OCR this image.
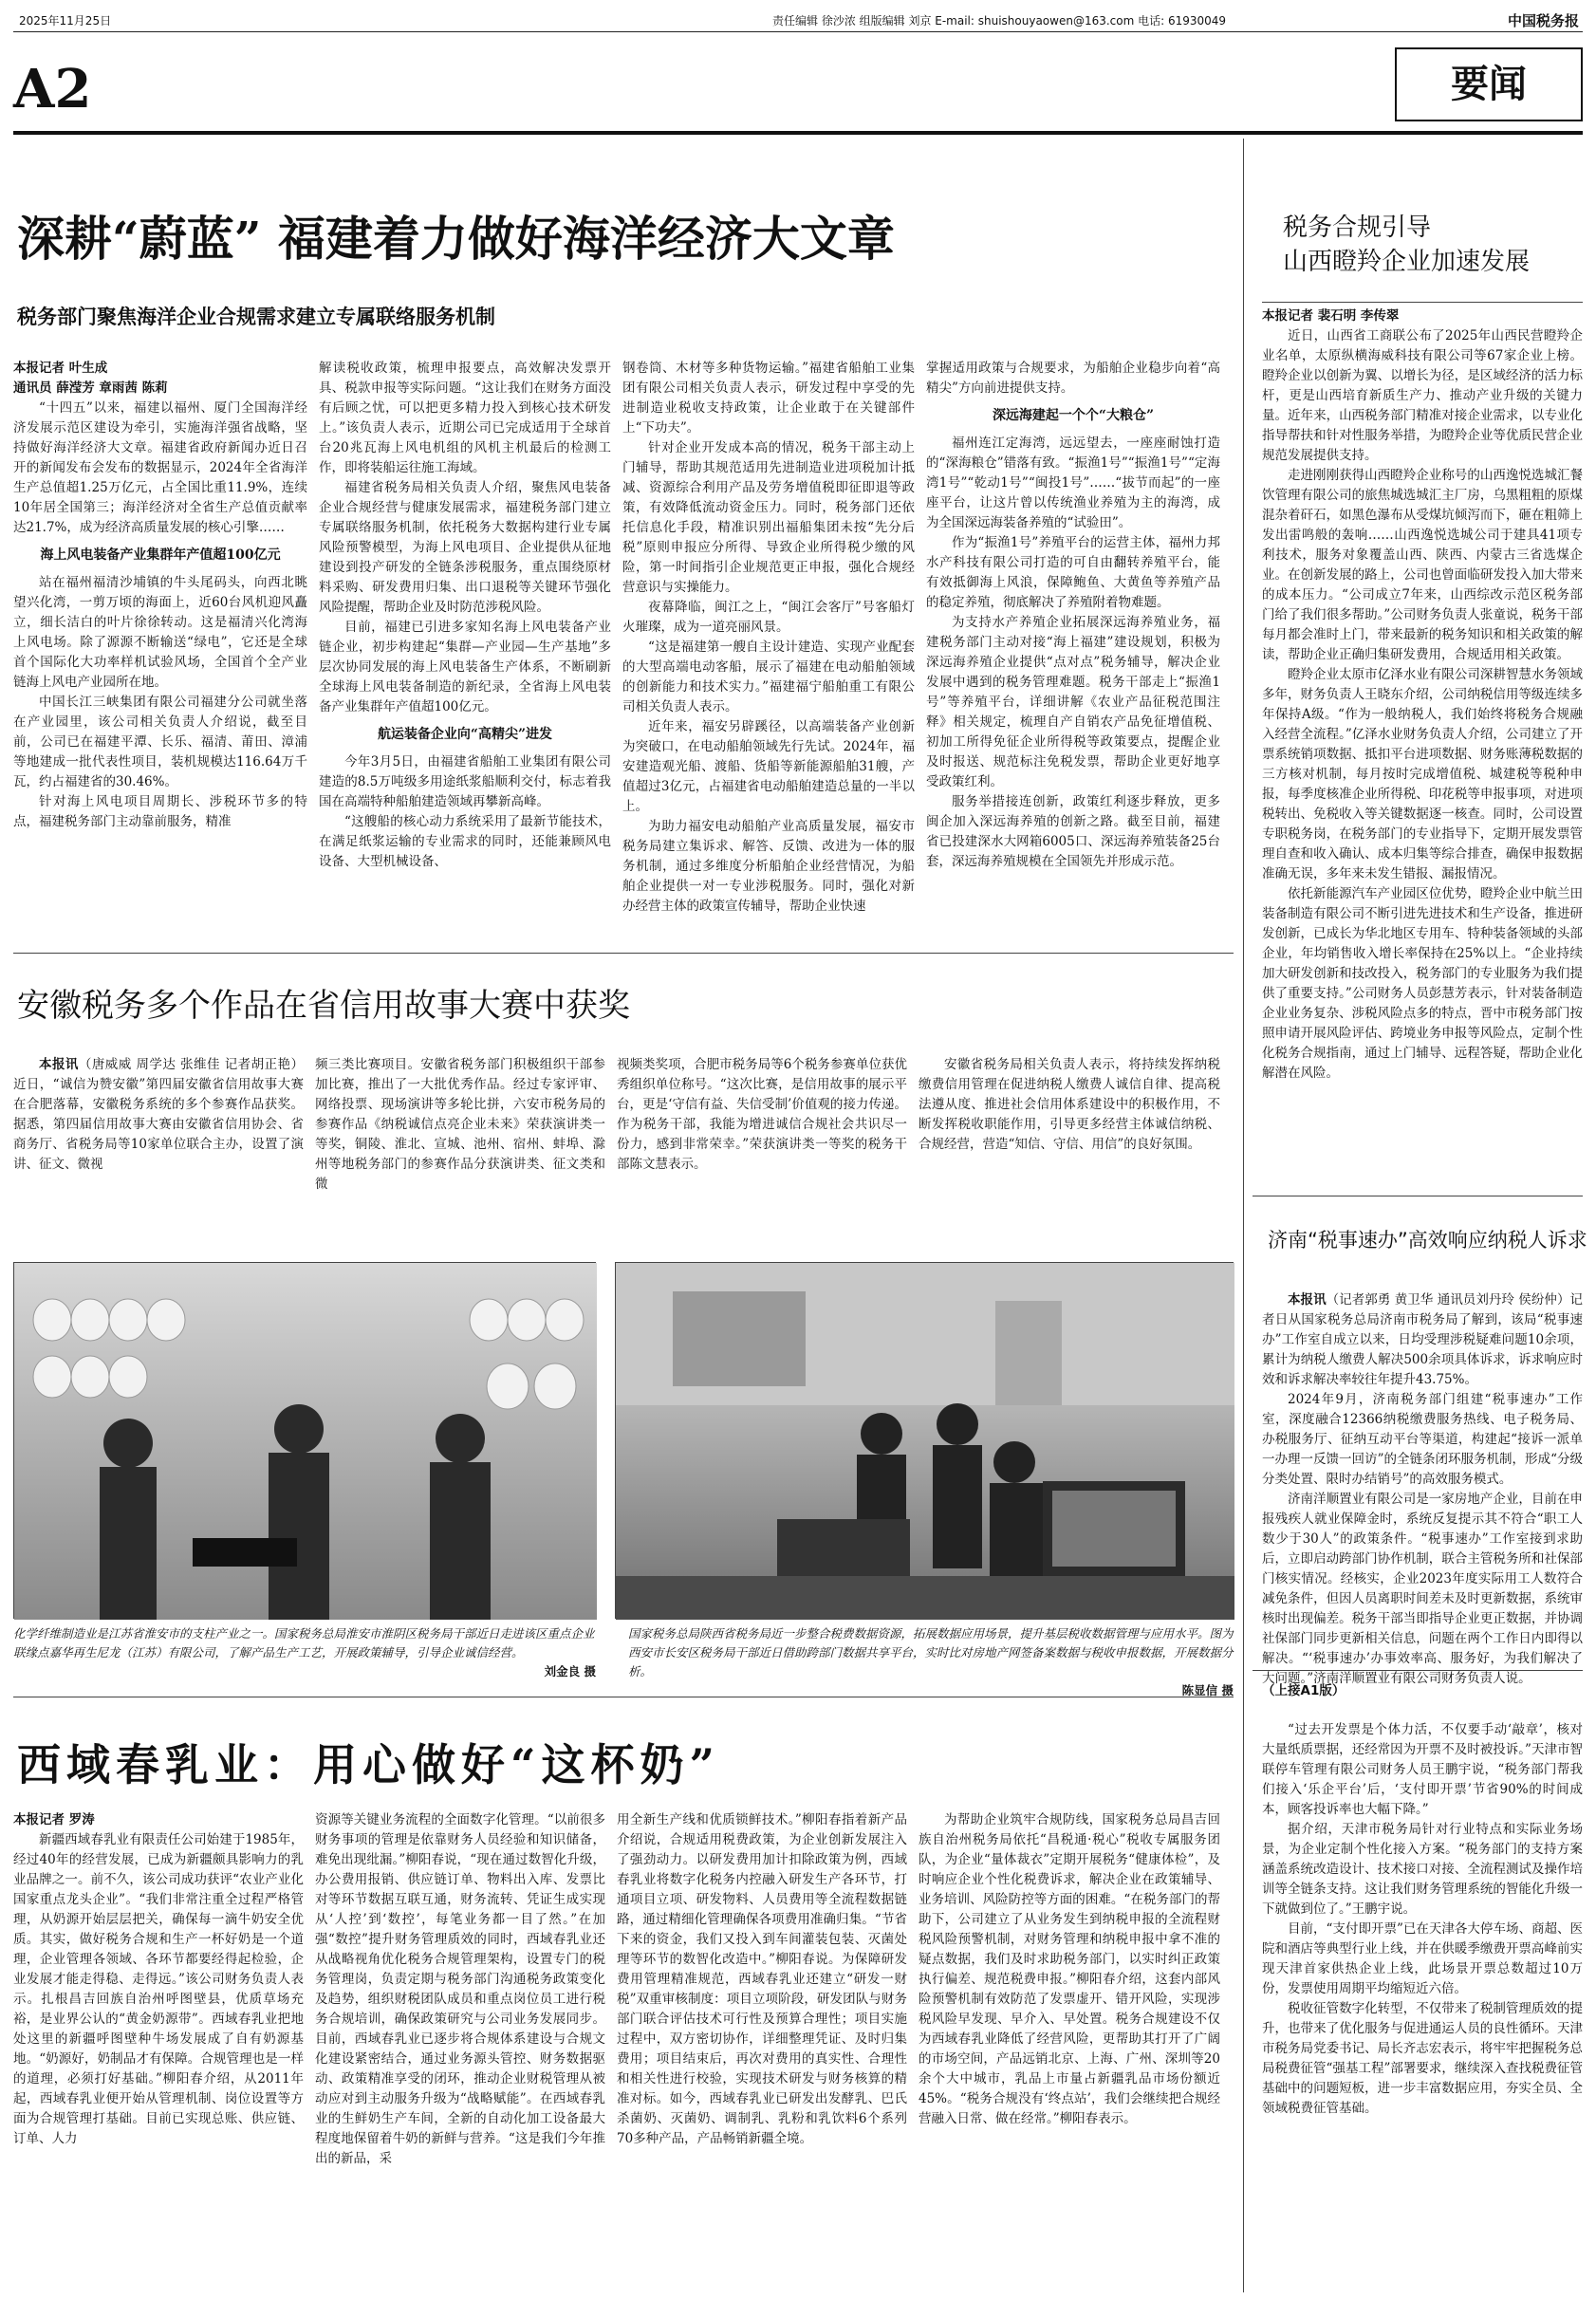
2025年11月25日	责任编辑 徐沙浓 组版编辑 刘京 E-mail: shuishouyaowen@163.com 电话: 61930049	中国税务报
A2	要闻
深耕“蔚蓝” 福建着力做好海洋经济大文章
税务部门聚焦海洋企业合规需求建立专属联络服务机制
本报记者 叶生成
通讯员 薛滢芳 章雨茜 陈莉

“十四五”以来，福建以福州、厦门全国海洋经济发展示范区建设为牵引，实施海洋强省战略，坚持做好海洋经济大文章。福建省政府新闻办近日召开的新闻发布会发布的数据显示，2024年全省海洋生产总值超1.25万亿元，占全国比重11.9%，连续10年居全国第三；海洋经济对全省生产总值贡献率达21.7%，成为经济高质量发展的核心引擎……

海上风电装备产业集群年产值超100亿元

站在福州福清沙埔镇的牛头尾码头，向西北眺望兴化湾，一剪万顷的海面上，近60台风机迎风矗立，细长洁白的叶片徐徐转动。这是福清兴化湾海上风电场。除了源源不断输送“绿电”，它还是全球首个国际化大功率样机试验风场，全国首个全产业链海上风电产业园所在地。

中国长江三峡集团有限公司福建分公司就坐落在产业园里，该公司相关负责人介绍说，截至目前，公司已在福建平潭、长乐、福清、莆田、漳浦等地建成一批代表性项目，装机规模达116.64万千瓦，约占福建省的30.46%。

针对海上风电项目周期长、涉税环节多的特点，福建税务部门主动靠前服务，精准

解读税收政策，梳理申报要点，高效解决发票开具、税款申报等实际问题。“这让我们在财务方面没有后顾之忧，可以把更多精力投入到核心技术研发上。”该负责人表示，近期公司已完成适用于全球首台20兆瓦海上风电机组的风机主机最后的检测工作，即将装船运往施工海域。

福建省税务局相关负责人介绍，聚焦风电装备企业合规经营与健康发展需求，福建税务部门建立专属联络服务机制，依托税务大数据构建行业专属风险预警模型，为海上风电项目、企业提供从征地建设到投产研发的全链条涉税服务，重点围绕原材料采购、研发费用归集、出口退税等关键环节强化风险提醒，帮助企业及时防范涉税风险。

目前，福建已引进多家知名海上风电装备产业链企业，初步构建起“集群—产业园—生产基地”多层次协同发展的海上风电装备生产体系，不断刷新全球海上风电装备制造的新纪录，全省海上风电装备产业集群年产值超100亿元。

航运装备企业向“高精尖”进发

今年3月5日，由福建省船舶工业集团有限公司建造的8.5万吨级多用途纸浆船顺利交付，标志着我国在高端特种船舶建造领域再攀新高峰。

“这艘船的核心动力系统采用了最新节能技术，在满足纸浆运输的专业需求的同时，还能兼顾风电设备、大型机械设备、

钢卷筒、木材等多种货物运输。”福建省船舶工业集团有限公司相关负责人表示，研发过程中享受的先进制造业税收支持政策，让企业敢于在关键部件上“下功夫”。

针对企业开发成本高的情况，税务干部主动上门辅导，帮助其规范适用先进制造业进项税加计抵减、资源综合利用产品及劳务增值税即征即退等政策，有效降低流动资金压力。同时，税务部门还依托信息化手段，精准识别出福船集团未按“先分后税”原则申报应分所得、导致企业所得税少缴的风险，第一时间指引企业规范更正申报，强化合规经营意识与实操能力。

夜幕降临，闽江之上，“闽江会客厅”号客船灯火璀璨，成为一道亮丽风景。

“这是福建第一艘自主设计建造、实现产业配套的大型高端电动客船，展示了福建在电动船舶领域的创新能力和技术实力。”福建福宁船舶重工有限公司相关负责人表示。

近年来，福安另辟蹊径，以高端装备产业创新为突破口，在电动船舶领域先行先试。2024年，福安建造观光船、渡船、货船等新能源船舶31艘，产值超过3亿元，占福建省电动船舶建造总量的一半以上。

为助力福安电动船舶产业高质量发展，福安市税务局建立集诉求、解答、反馈、改进为一体的服务机制，通过多维度分析船舶企业经营情况，为船舶企业提供一对一专业涉税服务。同时，强化对新办经营主体的政策宣传辅导，帮助企业快速

掌握适用政策与合规要求，为船舶企业稳步向着“高精尖”方向前进提供支持。

深远海建起一个个“大粮仓”

福州连江定海湾，远远望去，一座座耐蚀打造的“深海粮仓”错落有致。“振渔1号”“振渔1号”“定海湾1号”“乾动1号”“闽投1号”……“拔节而起”的一座座平台，让这片曾以传统渔业养殖为主的海湾，成为全国深远海装备养殖的“试验田”。

作为“振渔1号”养殖平台的运营主体，福州力邦水产科技有限公司打造的可自由翻转养殖平台，能有效抵御海上风浪，保障鲍鱼、大黄鱼等养殖产品的稳定养殖，彻底解决了养殖附着物难题。

为支持水产养殖企业拓展深远海养殖业务，福建税务部门主动对接“海上福建”建设规划，积极为深远海养殖企业提供“点对点”税务辅导，解决企业发展中遇到的税务管理难题。税务干部走上“振渔1号”等养殖平台，详细讲解《农业产品征税范围注释》相关规定，梳理自产自销农产品免征增值税、初加工所得免征企业所得税等政策要点，提醒企业及时报送、规范标注免税发票，帮助企业更好地享受政策红利。

服务举措接连创新，政策红利逐步释放，更多闽企加入深远海养殖的创新之路。截至目前，福建省已投建深水大网箱6005口、深远海养殖装备25台套，深远海养殖规模在全国领先并形成示范。

安徽税务多个作品在省信用故事大赛中获奖

本报讯（唐威威 周学达 张维佳 记者胡正艳）近日，“诚信为赞安徽”第四届安徽省信用故事大赛在合肥落幕，安徽税务系统的多个参赛作品获奖。据悉，第四届信用故事大赛由安徽省信用协会、省商务厅、省税务局等10家单位联合主办，设置了演讲、征文、微视

频三类比赛项目。安徽省税务部门积极组织干部参加比赛，推出了一大批优秀作品。经过专家评审、网络投票、现场演讲等多轮比拼，六安市税务局的参赛作品《纳税诚信点亮企业未来》荣获演讲类一等奖，铜陵、淮北、宣城、池州、宿州、蚌埠、滁州等地税务部门的参赛作品分获演讲类、征文类和微

视频类奖项，合肥市税务局等6个税务参赛单位获优秀组织单位称号。“这次比赛，是信用故事的展示平台，更是‘守信有益、失信受制’价值观的接力传递。作为税务干部，我能为增进诚信合规社会共识尽一份力，感到非常荣幸。”荣获演讲类一等奖的税务干部陈文慧表示。

安徽省税务局相关负责人表示，将持续发挥纳税缴费信用管理在促进纳税人缴费人诚信自律、提高税法遵从度、推进社会信用体系建设中的积极作用，不断发挥税收职能作用，引导更多经营主体诚信纳税、合规经营，营造“知信、守信、用信”的良好氛围。

化学纤维制造业是江苏省淮安市的支柱产业之一。国家税务总局淮安市淮阴区税务局干部近日走进该区重点企业联缘点嘉华再生尼龙（江苏）有限公司，了解产品生产工艺，开展政策辅导，引导企业诚信经营。
刘金良 摄
国家税务总局陕西省税务局近一步整合税费数据资源，拓展数据应用场景，提升基层税收数据管理与应用水平。图为西安市长安区税务局干部近日借助跨部门数据共享平台，实时比对房地产网签备案数据与税收申报数据，开展数据分析。
陈显信 摄
西域春乳业：用心做好“这杯奶”
本报记者 罗涛

新疆西域春乳业有限责任公司始建于1985年，经过40年的经营发展，已成为新疆颇具影响力的乳业品牌之一。前不久，该公司成功获评“农业产业化国家重点龙头企业”。“我们非常注重全过程严格管理，从奶源开始层层把关，确保每一滴牛奶安全优质。其实，做好税务合规和生产一杯好奶是一个道理，企业管理各领域、各环节都要经得起检验，企业发展才能走得稳、走得远。”该公司财务负责人表示。扎根昌吉回族自治州呼图壁县，优质草场充裕，是业界公认的“黄金奶源带”。西域春乳业把地处这里的新疆呼图壁种牛场发展成了自有奶源基地。“奶源好，奶制品才有保障。合规管理也是一样的道理，必须打好基础。”柳阳春介绍，从2011年起，西域春乳业便开始从管理机制、岗位设置等方面为合规管理打基础。目前已实现总账、供应链、订单、人力

资源等关键业务流程的全面数字化管理。“以前很多财务事项的管理是依靠财务人员经验和知识储备，难免出现纰漏。”柳阳春说，“现在通过数智化升级，办公费用报销、供应链订单、物料出入库、发票比对等环节数据互联互通，财务流转、凭证生成实现从‘人控’到‘数控’，每笔业务都一目了然。”在加强“数控”提升财务管理质效的同时，西域春乳业还从战略视角优化税务合规管理架构，设置专门的税务管理岗，负责定期与税务部门沟通税务政策变化及趋势，组织财税团队成员和重点岗位员工进行税务合规培训，确保政策研究与公司业务发展同步。目前，西域春乳业已逐步将合规体系建设与合规文化建设紧密结合，通过业务源头管控、财务数据驱动、政策精准享受的闭环，推动企业财税管理从被动应对到主动服务升级为“战略赋能”。在西域春乳业的生鲜奶生产车间，全新的自动化加工设备最大程度地保留着牛奶的新鲜与营养。“这是我们今年推出的新品，采

用全新生产线和优质锁鲜技术。”柳阳春指着新产品介绍说，合规适用税费政策，为企业创新发展注入了强劲动力。以研发费用加计扣除政策为例，西域春乳业将数字化税务内控融入研发生产各环节，打通项目立项、研发物料、人员费用等全流程数据链路，通过精细化管理确保各项费用准确归集。“节省下来的资金，我们又投入到车间灌装包装、灭菌处理等环节的数智化改造中。”柳阳春说。为保障研发费用管理精准规范，西域春乳业还建立“研发一财税”双重审核制度：项目立项阶段，研发团队与财务部门联合评估技术可行性及预算合理性；项目实施过程中，双方密切协作，详细整理凭证、及时归集费用；项目结束后，再次对费用的真实性、合理性和相关性进行校验，实现技术研发与财务核算的精准对标。如今，西域春乳业已研发出发酵乳、巴氏杀菌奶、灭菌奶、调制乳、乳粉和乳饮料6个系列70多种产品，产品畅销新疆全境。

为帮助企业筑牢合规防线，国家税务总局昌吉回族自治州税务局依托“昌税通·税心”税收专属服务团队，为企业“量体裁衣”定期开展税务“健康体检”，及时响应企业个性化税费诉求，解决企业在政策辅导、业务培训、风险防控等方面的困难。“在税务部门的帮助下，公司建立了从业务发生到纳税申报的全流程财税风险预警机制，对财务管理和纳税申报中拿不准的疑点数据，我们及时求助税务部门，以实时纠正政策执行偏差、规范税费申报。”柳阳春介绍，这套内部风险预警机制有效防范了发票虚开、错开风险，实现涉税风险早发现、早介入、早处置。税务合规建设不仅为西域春乳业降低了经营风险，更帮助其打开了广阔的市场空间，产品远销北京、上海、广州、深圳等20余个大中城市，乳品上市量占新疆乳品市场份额近45%。“税务合规没有‘终点站’，我们会继续把合规经营融入日常、做在经常。”柳阳春表示。

税务合规引导
山西瞪羚企业加速发展
本报记者 裴石明 李传翠

近日，山西省工商联公布了2025年山西民营瞪羚企业名单，太原纵横海威科技有限公司等67家企业上榜。瞪羚企业以创新为翼、以增长为径，是区域经济的活力标杆，更是山西培育新质生产力、推动产业升级的关键力量。近年来，山西税务部门精准对接企业需求，以专业化指导帮扶和针对性服务举措，为瞪羚企业等优质民营企业规范发展提供支持。

走进刚刚获得山西瞪羚企业称号的山西逸悦选城汇餐饮管理有限公司的旅焦城选城汇主厂房，乌黑粗粗的原煤混杂着矸石，如黑色瀑布从受煤坑倾泻而下，砸在粗筛上发出雷鸣般的轰响……山西逸悦选城公司于建具41项专利技术，服务对象覆盖山西、陕西、内蒙古三省选煤企业。在创新发展的路上，公司也曾面临研发投入加大带来的成本压力。“公司成立7年来，山西综改示范区税务部门给了我们很多帮助。”公司财务负责人张童说，税务干部每月都会准时上门，带来最新的税务知识和相关政策的解读，帮助企业正确归集研发费用，合规适用相关政策。

瞪羚企业太原市亿泽水业有限公司深耕智慧水务领域多年，财务负责人王晓东介绍，公司纳税信用等级连续多年保持A级。“作为一般纳税人，我们始终将税务合规融入经营全流程。”亿泽水业财务负责人介绍，公司建立了开票系统销项数据、抵扣平台进项数据、财务账薄税数据的三方核对机制，每月按时完成增值税、城建税等税种申报，每季度核准企业所得税、印花税等申报事项，对进项税转出、免税收入等关键数据逐一核查。同时，公司设置专职税务岗，在税务部门的专业指导下，定期开展发票管理自查和收入确认、成本归集等综合排查，确保申报数据准确无误，多年来未发生错报、漏报情况。

依托新能源汽车产业园区位优势，瞪羚企业中航兰田装备制造有限公司不断引进先进技术和生产设备，推进研发创新，已成长为华北地区专用车、特种装备领域的头部企业，年均销售收入增长率保持在25%以上。“企业持续加大研发创新和技改投入，税务部门的专业服务为我们提供了重要支持。”公司财务人员彭慧芳表示，针对装备制造企业业务复杂、涉税风险点多的特点，晋中市税务部门按照申请开展风险评估、跨境业务申报等风险点，定制个性化税务合规指南，通过上门辅导、远程答疑，帮助企业化解潜在风险。

济南“税事速办”高效响应纳税人诉求

本报讯（记者郭勇 黄卫华 通讯员刘丹玲 侯纷仲）记者日从国家税务总局济南市税务局了解到，该局“税事速办”工作室自成立以来，日均受理涉税疑难问题10余项，累计为纳税人缴费人解决500余项具体诉求，诉求响应时效和诉求解决率较往年提升43.75%。

2024年9月，济南税务部门组建“税事速办”工作室，深度融合12366纳税缴费服务热线、电子税务局、办税服务厅、征纳互动平台等渠道，构建起“接诉一派单一办理一反馈一回访”的全链条闭环服务机制，形成“分级分类处置、限时办结销号”的高效服务模式。

济南洋顺置业有限公司是一家房地产企业，目前在申报残疾人就业保障金时，系统反复提示其不符合“职工人数少于30人”的政策条件。“税事速办”工作室接到求助后，立即启动跨部门协作机制，联合主管税务所和社保部门核实情况。经核实，企业2023年度实际用工人数符合减免条件，但因人员离职时间差未及时更新数据，系统审核时出现偏差。税务干部当即指导企业更正数据，并协调社保部门同步更新相关信息，问题在两个工作日内即得以解决。“‘税事速办’办事效率高、服务好，为我们解决了大问题。”济南洋顺置业有限公司财务负责人说。

（上接A1版）

“过去开发票是个体力活，不仅要手动‘敲章’，核对大量纸质票据，还经常因为开票不及时被投诉。”天津市智联停车管理有限公司财务人员王鹏宇说，“税务部门帮我们接入‘乐企平台’后，‘支付即开票’节省90%的时间成本，顾客投诉率也大幅下降。”

据介绍，天津市税务局针对行业特点和实际业务场景，为企业定制个性化接入方案。“税务部门的支持方案涵盖系统改造设计、技术接口对接、全流程测试及操作培训等全链条支持。这让我们财务管理系统的智能化升级一下就做到位了。”王鹏宇说。

目前，“支付即开票”已在天津各大停车场、商超、医院和酒店等典型行业上线，并在供暖季缴费开票高峰前实现天津首家供热企业上线，此场景开票总数超过10万份，发票使用周期平均缩短近六倍。

税收征管数字化转型，不仅带来了税制管理质效的提升，也带来了优化服务与促进通运人员的良性循环。天津市税务局党委书记、局长齐志宏表示，将牢牢把握税务总局税费征管“强基工程”部署要求，继续深入查找税费征管基础中的问题短板，进一步丰富数据应用，夯实全员、全领域税费征管基础。
